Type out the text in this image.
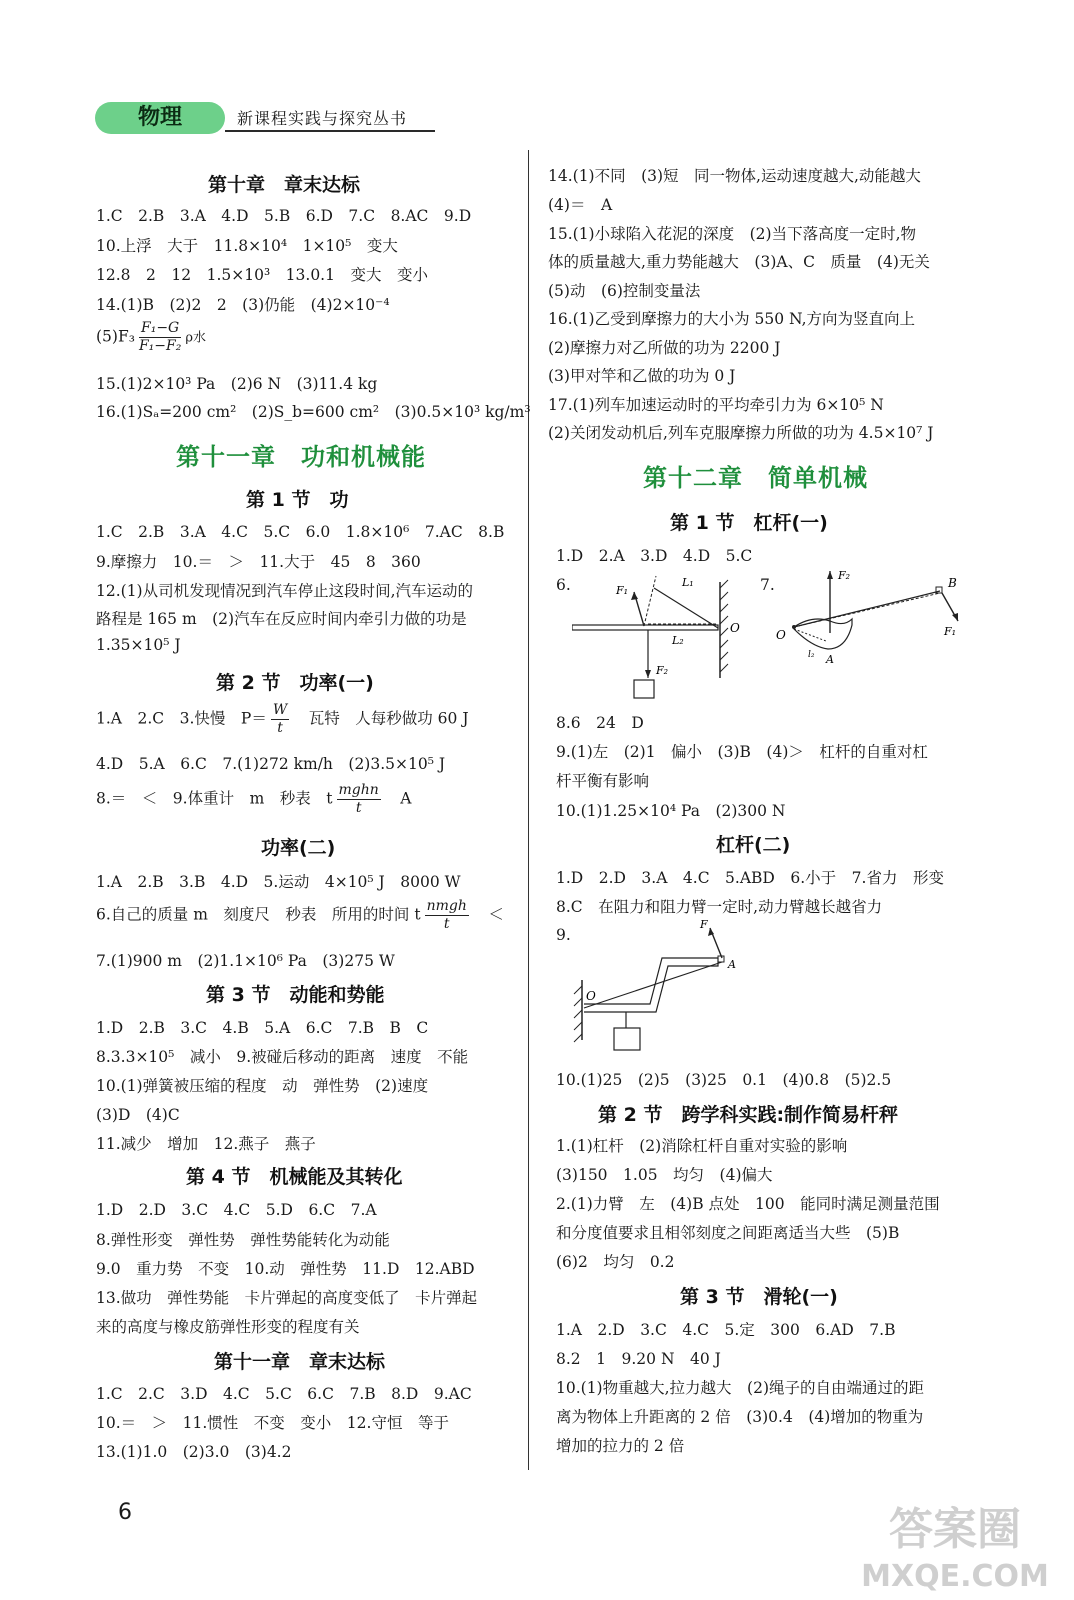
物理	新课程实践与探究丛书
第十章　章末达标
1.C　2.B　3.A　4.D　5.B　6.D　7.C　8.AC　9.D
10.上浮　大于　11.8×10⁴　1×10⁵　变大
12.8　2　12　1.5×10³　13.0.1　变大　变小
14.(1)B　(2)2　2　(3)仍能　(4)2×10⁻⁴
$(5)F_3 \frac{\text{F₁−G}}{\text{F₁−F₂}}$ ρ水
15.(1)2×10³ Pa　(2)6 N　(3)11.4 kg
16.(1)Sₐ=200 cm²　(2)S_b=600 cm²　(3)0.5×10³ kg/m³
第十一章　功和机械能
第 1 节　功
1.C　2.B　3.A　4.C　5.C　6.0　1.8×10⁶　7.AC　8.B
9.摩擦力　10.＝　＞　11.大于　45　8　360
12.(1)从司机发现情况到汽车停止这段时间,汽车运动的
路程是 165 m　(2)汽车在反应时间内牵引力做的功是
1.35×10⁵ J
第 2 节　功率(一)
1.A　2.C　3.快慢　$P= \frac{W}{t}$ 　瓦特　人每秒做功 60 J
4.D　5.A　6.C　7.(1)272 km/h　(2)3.5×10⁵ J
8.＝　＜　9.体重计　m　秒表　t $\frac{\text{mghn}}{t}$ 　A
功率(二)
1.A　2.B　3.B　4.D　5.运动　4×10⁵ J　8000 W
6.自己的质量 m　刻度尺　秒表　所用的时间 t $\frac{\text{nmgh}}{t}$ 　＜
7.(1)900 m　(2)1.1×10⁶ Pa　(3)275 W
第 3 节　动能和势能
1.D　2.B　3.C　4.B　5.A　6.C　7.B　B　C
8.3.3×10⁵　减小　9.被碰后移动的距离　速度　不能
10.(1)弹簧被压缩的程度　动　弹性势　(2)速度
(3)D　(4)C
11.减少　增加　12.燕子　燕子
第 4 节　机械能及其转化
1.D　2.D　3.C　4.C　5.D　6.C　7.A
8.弹性形变　弹性势　弹性势能转化为动能
9.0　重力势　不变　10.动　弹性势　11.D　12.ABD
13.做功　弹性势能　卡片弹起的高度变低了　卡片弹起
来的高度与橡皮筋弹性形变的程度有关
第十一章　章末达标
1.C　2.C　3.D　4.C　5.C　6.C　7.B　8.D　9.AC
10.＝　＞　11.惯性　不变　变小　12.守恒　等于
13.(1)1.0　(2)3.0　(3)4.2
14.(1)不同　(3)短　同一物体,运动速度越大,动能越大
(4)＝　A
15.(1)小球陷入花泥的深度　(2)当下落高度一定时,物
体的质量越大,重力势能越大　(3)A、C　质量　(4)无关
(5)动　(6)控制变量法
16.(1)乙受到摩擦力的大小为 550 N,方向为竖直向上
(2)摩擦力对乙所做的功为 2200 J
(3)甲对竿和乙做的功为 0 J
17.(1)列车加速运动时的平均牵引力为 6×10⁵ N
(2)关闭发动机后,列车克服摩擦力所做的功为 4.5×10⁷ J
第十二章　简单机械
第 1 节　杠杆(一)
1.D　2.A　3.D　4.D　5.C
6.	7.
F₁
L₁
L₂
F₂
O
F₂
B
F₁
O
A
l₂
8.6　24　D
9.(1)左　(2)1　偏小　(3)B　(4)＞　杠杆的自重对杠
杆平衡有影响
10.(1)1.25×10⁴ Pa　(2)300 N
杠杆(二)
1.D　2.D　3.A　4.C　5.ABD　6.小于　7.省力　形变
8.C　在阻力和阻力臂一定时,动力臂越长越省力
9.
F
A
O
10.(1)25　(2)5　(3)25　0.1　(4)0.8　(5)2.5
第 2 节　跨学科实践:制作简易杆秤
1.(1)杠杆　(2)消除杠杆自重对实验的影响
(3)150　1.05　均匀　(4)偏大
2.(1)力臂　左　(4)B 点处　100　能同时满足测量范围
和分度值要求且相邻刻度之间距离适当大些　(5)B
(6)2　均匀　0.2
第 3 节　滑轮(一)
1.A　2.D　3.C　4.C　5.定　300　6.AD　7.B
8.2　1　9.20 N　40 J
10.(1)物重越大,拉力越大　(2)绳子的自由端通过的距
离为物体上升距离的 2 倍　(3)0.4　(4)增加的物重为
增加的拉力的 2 倍
6	答案圈
MXQE.COM
